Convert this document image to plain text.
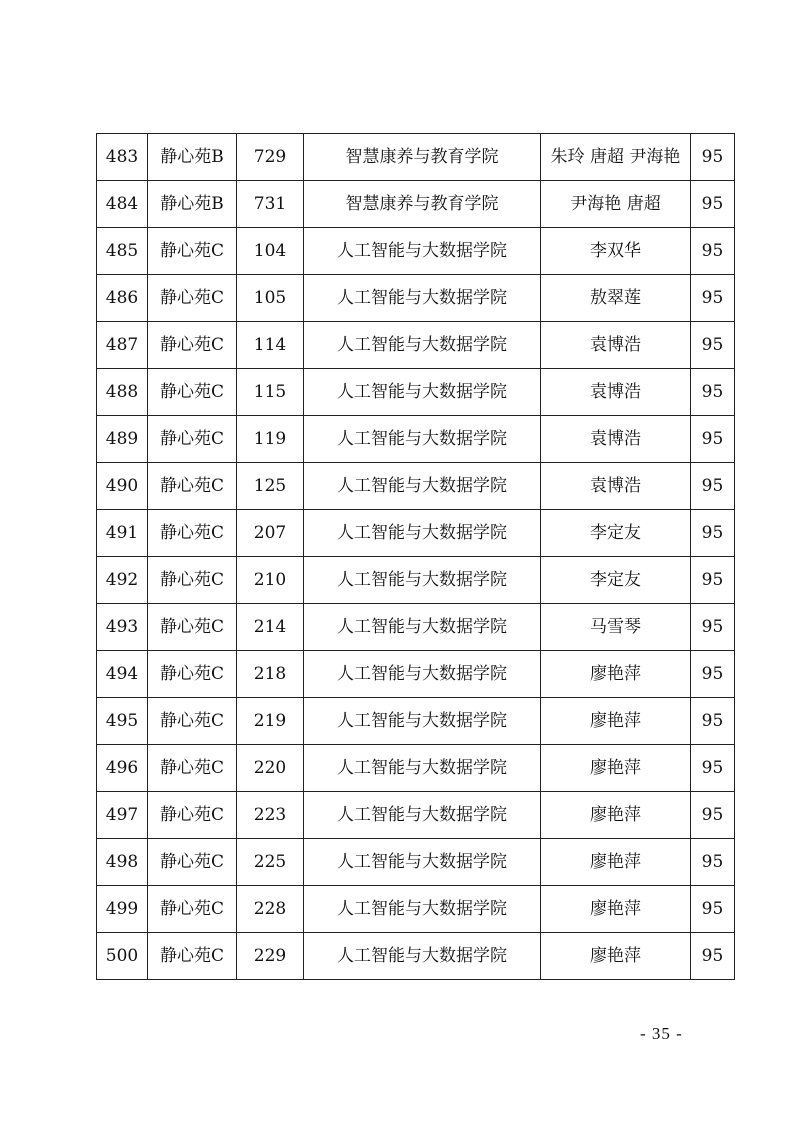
483	静心苑B	729	智慧康养与教育学院	朱玲 唐超 尹海艳	95
484	静心苑B	731	智慧康养与教育学院	尹海艳 唐超	95
485	静心苑C	104	人工智能与大数据学院	李双华	95
486	静心苑C	105	人工智能与大数据学院	敖翠莲	95
487	静心苑C	114	人工智能与大数据学院	袁博浩	95
488	静心苑C	115	人工智能与大数据学院	袁博浩	95
489	静心苑C	119	人工智能与大数据学院	袁博浩	95
490	静心苑C	125	人工智能与大数据学院	袁博浩	95
491	静心苑C	207	人工智能与大数据学院	李定友	95
492	静心苑C	210	人工智能与大数据学院	李定友	95
493	静心苑C	214	人工智能与大数据学院	马雪琴	95
494	静心苑C	218	人工智能与大数据学院	廖艳萍	95
495	静心苑C	219	人工智能与大数据学院	廖艳萍	95
496	静心苑C	220	人工智能与大数据学院	廖艳萍	95
497	静心苑C	223	人工智能与大数据学院	廖艳萍	95
498	静心苑C	225	人工智能与大数据学院	廖艳萍	95
499	静心苑C	228	人工智能与大数据学院	廖艳萍	95
500	静心苑C	229	人工智能与大数据学院	廖艳萍	95
- 35 -
